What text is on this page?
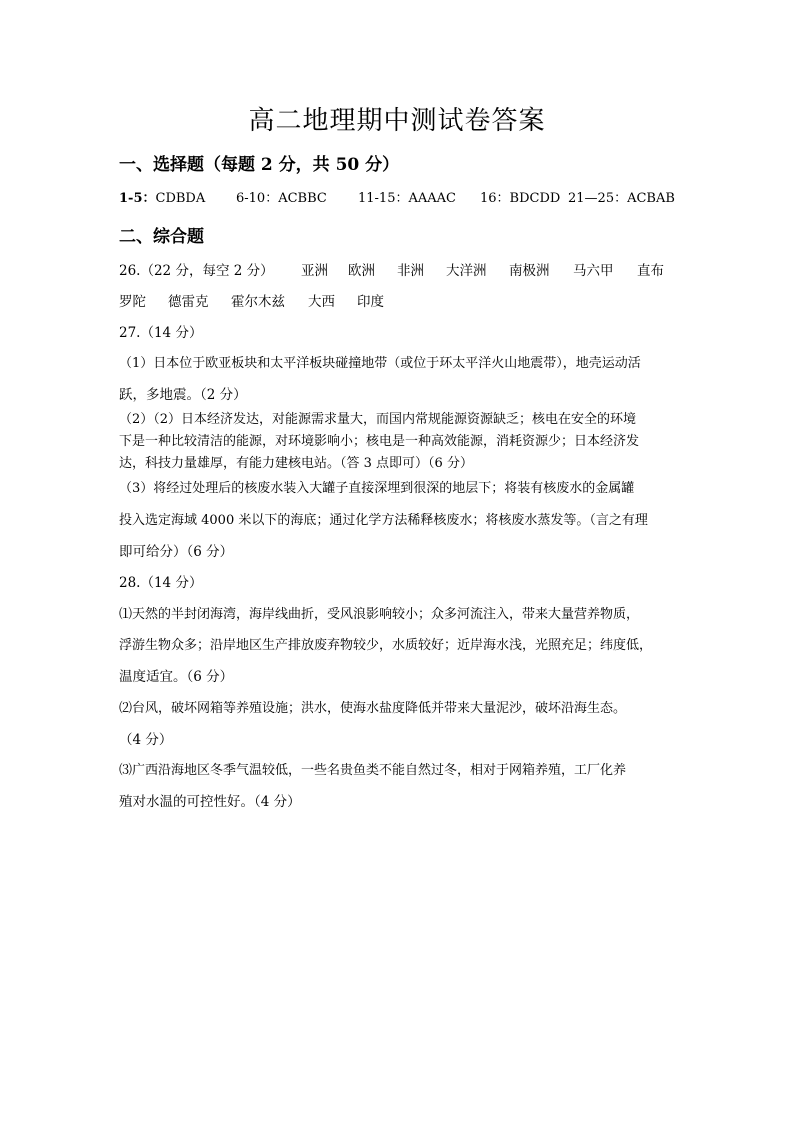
高二地理期中测试卷答案
一、选择题（每题 2 分，共 50 分）
1-5：CDBDA 6-10：ACBBC 11-15：AAAAC 16：BDCDD 21—25：ACBAB
二、综合题
26.（22 分，每空 2 分） 亚洲 欧洲 非洲 大洋洲 南极洲 马六甲 直布
罗陀 德雷克 霍尔木兹 大西 印度
27.（14 分）
（1）日本位于欧亚板块和太平洋板块碰撞地带（或位于环太平洋火山地震带），地壳运动活
跃，多地震。（2 分）
（2）（2）日本经济发达，对能源需求量大，而国内常规能源资源缺乏；核电在安全的环境
下是一种比较清洁的能源，对环境影响小；核电是一种高效能源，消耗资源少；日本经济发
达，科技力量雄厚，有能力建核电站。（答 3 点即可）（6 分）
（3）将经过处理后的核废水装入大罐子直接深埋到很深的地层下；将装有核废水的金属罐
投入选定海域 4000 米以下的海底；通过化学方法稀释核废水；将核废水蒸发等。（言之有理
即可给分）（6 分）
28.（14 分）
⑴天然的半封闭海湾，海岸线曲折，受风浪影响较小；众多河流注入，带来大量营养物质，
浮游生物众多；沿岸地区生产排放废弃物较少，水质较好；近岸海水浅，光照充足；纬度低，
温度适宜。（6 分）
⑵台风，破坏网箱等养殖设施；洪水，使海水盐度降低并带来大量泥沙，破坏沿海生态。
（4 分）
⑶广西沿海地区冬季气温较低，一些名贵鱼类不能自然过冬，相对于网箱养殖，工厂化养
殖对水温的可控性好。（4 分）
